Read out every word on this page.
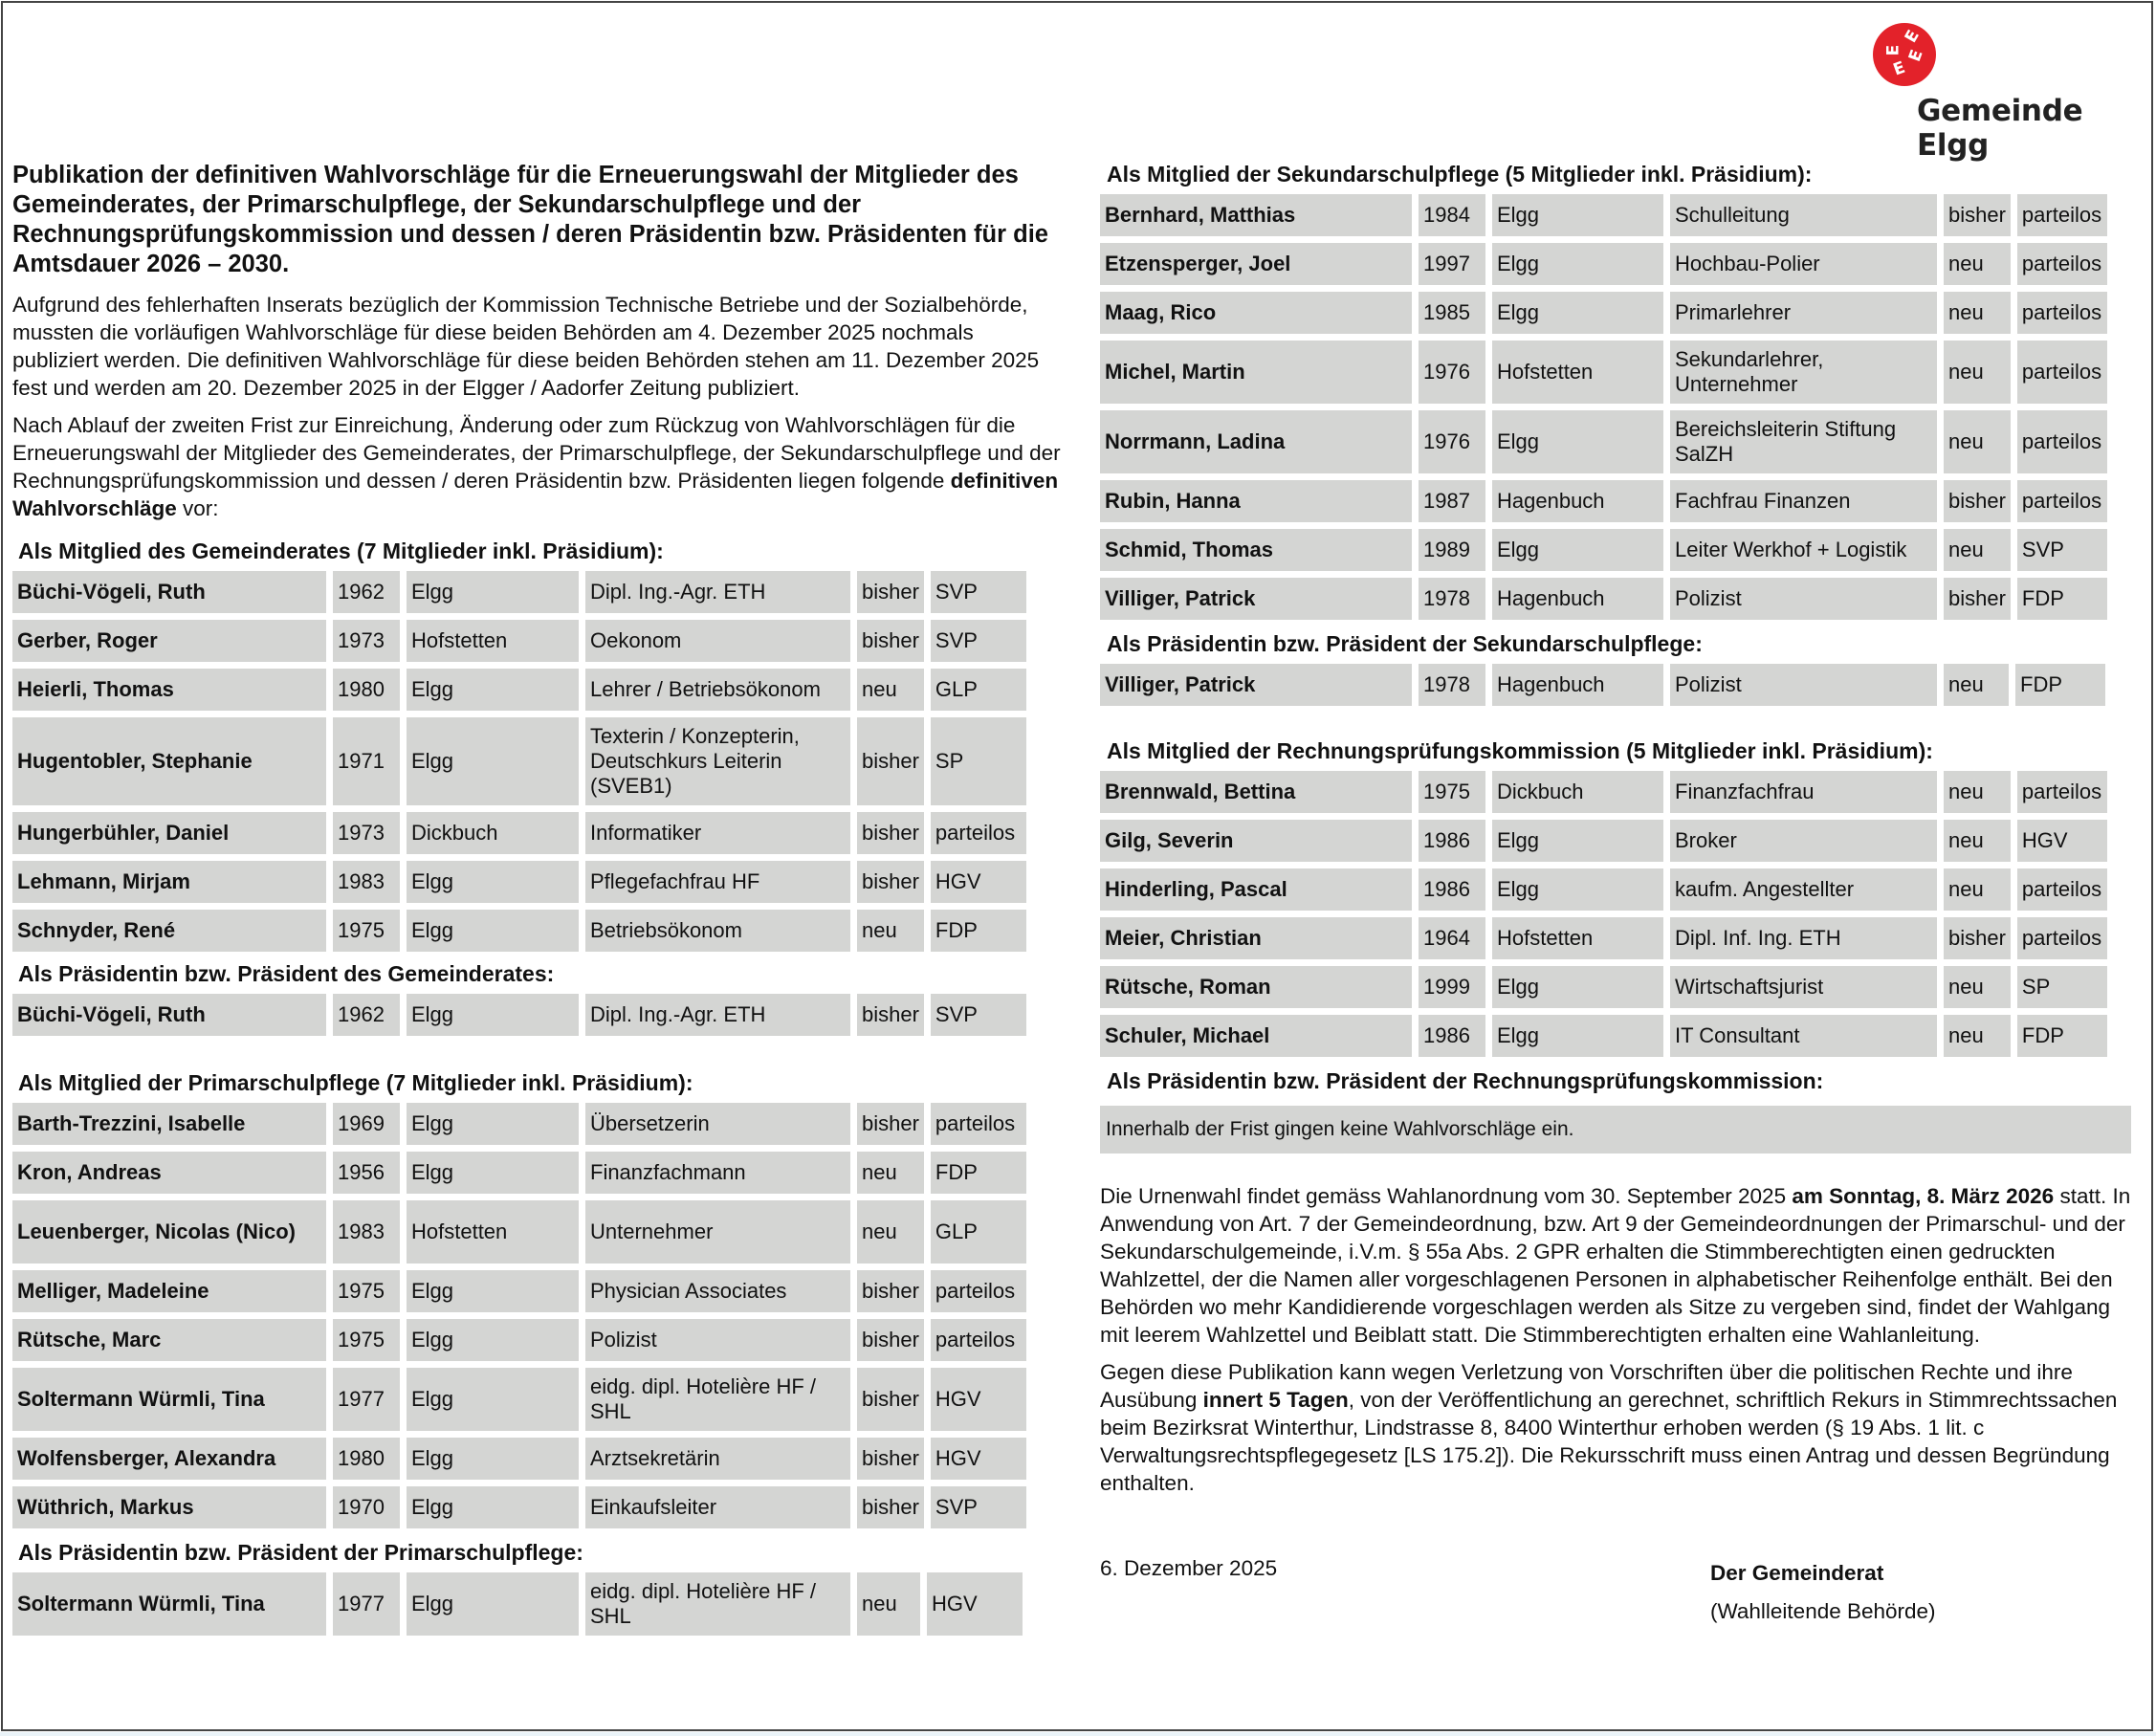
E
E E
E
Gemeinde Elgg

Publikation der definitiven Wahlvorschläge für die Erneuerungswahl der Mitglieder des Gemeinderates, der Primarschulpflege, der Sekundarschulpflege und der Rechnungsprüfungskommission und dessen / deren Präsidentin bzw. Präsidenten für die Amtsdauer 2026 – 2030.

Aufgrund des fehlerhaften Inserats bezüglich der Kommission Technische Betriebe und der Sozialbehörde, mussten die vorläufigen Wahlvorschläge für diese beiden Behörden am 4. Dezember 2025 nochmals publiziert werden. Die definitiven Wahlvorschläge für diese beiden Behörden stehen am 11. Dezember 2025 fest und werden am 20. Dezember 2025 in der Elgger / Aadorfer Zeitung publiziert.

Nach Ablauf der zweiten Frist zur Einreichung, Änderung oder zum Rückzug von Wahlvorschlägen für die Erneuerungswahl der Mitglieder des Gemeinderates, der Primarschulpflege, der Sekundarschulpflege und der Rechnungsprüfungskommission und dessen / deren Präsidentin bzw. Präsidenten liegen folgende definitiven Wahlvorschläge vor:

Als Mitglied des Gemeinderates (7 Mitglieder inkl. Präsidium):

Büchi-Vögeli, Ruth	1962	Elgg	Dipl. Ing.-Agr. ETH	bisher	SVP
Gerber, Roger	1973	Hofstetten	Oekonom	bisher	SVP
Heierli, Thomas	1980	Elgg	Lehrer / Betriebsökonom	neu	GLP
Hugentobler, Stephanie	1971	Elgg	Texterin / Konzepterin, Deutschkurs Leiterin (SVEB1)	bisher	SP
Hungerbühler, Daniel	1973	Dickbuch	Informatiker	bisher	parteilos
Lehmann, Mirjam	1983	Elgg	Pflegefachfrau HF	bisher	HGV
Schnyder, René	1975	Elgg	Betriebsökonom	neu	FDP

Als Präsidentin bzw. Präsident des Gemeinderates:

Büchi-Vögeli, Ruth	1962	Elgg	Dipl. Ing.-Agr. ETH	bisher	SVP

Als Mitglied der Primarschulpflege (7 Mitglieder inkl. Präsidium):

Barth-Trezzini, Isabelle	1969	Elgg	Übersetzerin	bisher	parteilos
Kron, Andreas	1956	Elgg	Finanzfachmann	neu	FDP
Leuenberger, Nicolas (Nico)	1983	Hofstetten	Unternehmer	neu	GLP
Melliger, Madeleine	1975	Elgg	Physician Associates	bisher	parteilos
Rütsche, Marc	1975	Elgg	Polizist	bisher	parteilos
Soltermann Würmli, Tina	1977	Elgg	eidg. dipl. Hotelière HF / SHL	bisher	HGV
Wolfensberger, Alexandra	1980	Elgg	Arztsekretärin	bisher	HGV
Wüthrich, Markus	1970	Elgg	Einkaufsleiter	bisher	SVP

Als Präsidentin bzw. Präsident der Primarschulpflege:

Soltermann Würmli, Tina	1977	Elgg	eidg. dipl. Hotelière HF / SHL	neu	HGV

Als Mitglied der Sekundarschulpflege (5 Mitglieder inkl. Präsidium):

Bernhard, Matthias	1984	Elgg	Schulleitung	bisher	parteilos
Etzensperger, Joel	1997	Elgg	Hochbau-Polier	neu	parteilos
Maag, Rico	1985	Elgg	Primarlehrer	neu	parteilos
Michel, Martin	1976	Hofstetten	Sekundarlehrer, Unternehmer	neu	parteilos
Norrmann, Ladina	1976	Elgg	Bereichsleiterin Stiftung SalZH	neu	parteilos
Rubin, Hanna	1987	Hagenbuch	Fachfrau Finanzen	bisher	parteilos
Schmid, Thomas	1989	Elgg	Leiter Werkhof + Logistik	neu	SVP
Villiger, Patrick	1978	Hagenbuch	Polizist	bisher	FDP

Als Präsidentin bzw. Präsident der Sekundarschulpflege:

Villiger, Patrick	1978	Hagenbuch	Polizist	neu	FDP

Als Mitglied der Rechnungsprüfungskommission (5 Mitglieder inkl. Präsidium):

Brennwald, Bettina	1975	Dickbuch	Finanzfachfrau	neu	parteilos
Gilg, Severin	1986	Elgg	Broker	neu	HGV
Hinderling, Pascal	1986	Elgg	kaufm. Angestellter	neu	parteilos
Meier, Christian	1964	Hofstetten	Dipl. Inf. Ing. ETH	bisher	parteilos
Rütsche, Roman	1999	Elgg	Wirtschaftsjurist	neu	SP
Schuler, Michael	1986	Elgg	IT Consultant	neu	FDP

Als Präsidentin bzw. Präsident der Rechnungsprüfungskommission:

Innerhalb der Frist gingen keine Wahlvorschläge ein.

Die Urnenwahl findet gemäss Wahlanordnung vom 30. September 2025 am Sonntag, 8. März 2026 statt. In Anwendung von Art. 7 der Gemeindeordnung, bzw. Art 9 der Gemeindeordnungen der Primarschul- und der Sekundarschulgemeinde, i.V.m. § 55a Abs. 2 GPR erhalten die Stimmberechtigten einen gedruckten Wahlzettel, der die Namen aller vorgeschlagenen Personen in alphabetischer Reihenfolge enthält. Bei den Behörden wo mehr Kandidierende vorgeschlagen werden als Sitze zu vergeben sind, findet der Wahlgang mit leerem Wahlzettel und Beiblatt statt. Die Stimmberechtigten erhalten eine Wahlanleitung.

Gegen diese Publikation kann wegen Verletzung von Vorschriften über die politischen Rechte und ihre Ausübung innert 5 Tagen, von der Veröffentlichung an gerechnet, schriftlich Rekurs in Stimmrechtssachen beim Bezirksrat Winterthur, Lindstrasse 8, 8400 Winterthur erhoben werden (§ 19 Abs. 1 lit. c Verwaltungsrechtspflegegesetz [LS 175.2]). Die Rekursschrift muss einen Antrag und dessen Begründung enthalten.

6. Dezember 2025	Der Gemeinderat
(Wahlleitende Behörde)
